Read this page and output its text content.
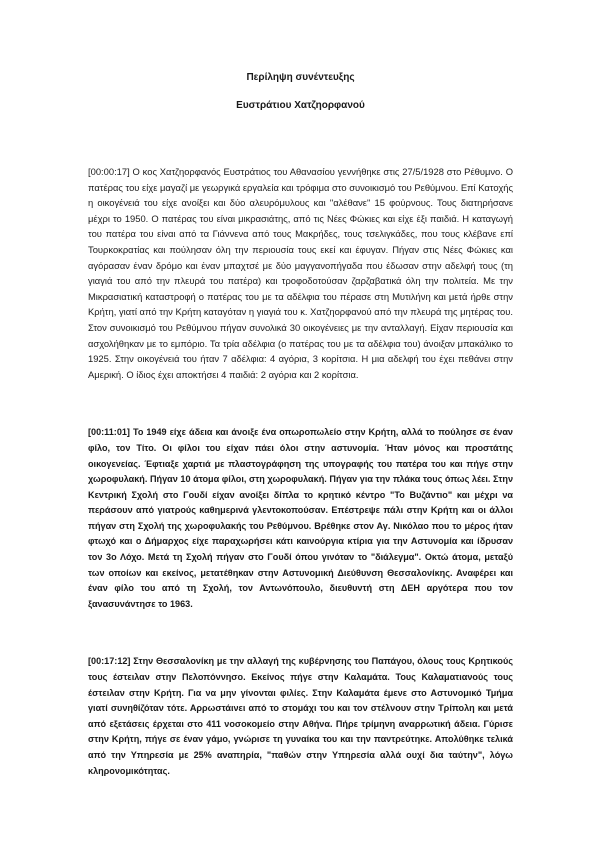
Περίληψη συνέντευξης

Ευστράτιου Χατζηορφανού

[00:00:17] Ο κος Χατζηορφανός Ευστράτιος του Αθανασίου γεννήθηκε στις 27/5/1928 στο Ρέθυμνο. Ο πατέρας του είχε μαγαζί με γεωργικά εργαλεία και τρόφιμα στο συνοικισμό του Ρεθύμνου. Επί Κατοχής η οικογένειά του είχε ανοίξει και δύο αλευρόμυλους και "αλέθανε" 15 φούρνους. Τους διατηρήσανε μέχρι το 1950. Ο πατέρας του είναι μικρασιάτης, από τις Νέες Φώκιες και είχε έξι παιδιά. Η καταγωγή του πατέρα του είναι από τα Γιάννενα από τους Μακρήδες, τους τσελιγκάδες, που τους κλέβανε επί Τουρκοκρατίας και πούλησαν όλη την περιουσία τους εκεί και έφυγαν. Πήγαν στις Νέες Φώκιες και αγόρασαν έναν δρόμο και έναν μπαχτσέ με δύο μαγγανοπήγαδα που έδωσαν στην αδελφή τους (τη γιαγιά του από την πλευρά του πατέρα) και τροφοδοτούσαν ζαρζαβατικά όλη την πολιτεία. Με την Μικρασιατική καταστροφή ο πατέρας του με τα αδέλφια του πέρασε στη Μυτιλήνη και μετά ήρθε στην Κρήτη, γιατί από την Κρήτη καταγόταν η γιαγιά του κ. Χατζηορφανού από την πλευρά της μητέρας του. Στον συνοικισμό του Ρεθύμνου πήγαν συνολικά 30 οικογένειες με την ανταλλαγή. Είχαν περιουσία και ασχολήθηκαν με το εμπόριο. Τα τρία αδέλφια (ο πατέρας του με τα αδέλφια του) άνοιξαν μπακάλικο το 1925. Στην οικογένειά του ήταν 7 αδέλφια: 4 αγόρια, 3 κορίτσια. Η μια αδελφή του έχει πεθάνει στην Αμερική. Ο ίδιος έχει αποκτήσει 4 παιδιά: 2 αγόρια και 2 κορίτσια.

[00:11:01] Το 1949 είχε άδεια και άνοιξε ένα οπωροπωλείο στην Κρήτη, αλλά το πούλησε σε έναν φίλο, τον Τίτο. Οι φίλοι του είχαν πάει όλοι στην αστυνομία. Ήταν μόνος και προστάτης οικογενείας. Έφτιαξε χαρτιά με πλαστογράφηση της υπογραφής του πατέρα του και πήγε στην χωροφυλακή. Πήγαν 10 άτομα φίλοι, στη χωροφυλακή. Πήγαν για την πλάκα τους όπως λέει. Στην Κεντρική Σχολή στο Γουδί είχαν ανοίξει δίπλα το κρητικό κέντρο "Το Βυζάντιο" και μέχρι να περάσουν από γιατρούς καθημερινά γλεντοκοπούσαν. Επέστρεψε πάλι στην Κρήτη και οι άλλοι πήγαν στη Σχολή της χωροφυλακής του Ρεθύμνου. Βρέθηκε στον Αγ. Νικόλαο που το μέρος ήταν φτωχό και ο Δήμαρχος είχε παραχωρήσει κάτι καινούργια κτίρια για την Αστυνομία και ίδρυσαν τον 3ο Λόχο. Μετά τη Σχολή πήγαν στο Γουδί όπου γινόταν το "διάλεγμα". Οκτώ άτομα, μεταξύ των οποίων και εκείνος, μετατέθηκαν στην Αστυνομική Διεύθυνση Θεσσαλονίκης. Αναφέρει και έναν φίλο του από τη Σχολή, τον Αντωνόπουλο, διευθυντή στη ΔΕΗ αργότερα που τον ξανασυνάντησε το 1963.

[00:17:12] Στην Θεσσαλονίκη με την αλλαγή της κυβέρνησης του Παπάγου, όλους τους Κρητικούς τους έστειλαν στην Πελοπόννησο. Εκείνος πήγε στην Καλαμάτα. Τους Καλαματιανούς τους έστειλαν στην Κρήτη. Για να μην γίνονται φιλίες. Στην Καλαμάτα έμενε στο Αστυνομικό Τμήμα γιατί συνηθίζόταν τότε. Αρρωστάινει από το στομάχι του και τον στέλνουν στην Τρίπολη και μετά από εξετάσεις έρχεται στο 411 νοσοκομείο στην Αθήνα. Πήρε τρίμηνη αναρρωτική άδεια. Γύρισε στην Κρήτη, πήγε σε έναν γάμο, γνώρισε τη γυναίκα του και την παντρεύτηκε. Απολύθηκε τελικά από την Υπηρεσία με 25% αναπηρία, "παθών στην Υπηρεσία αλλά ουχί δια ταύτην", λόγω κληρονομικότητας.
